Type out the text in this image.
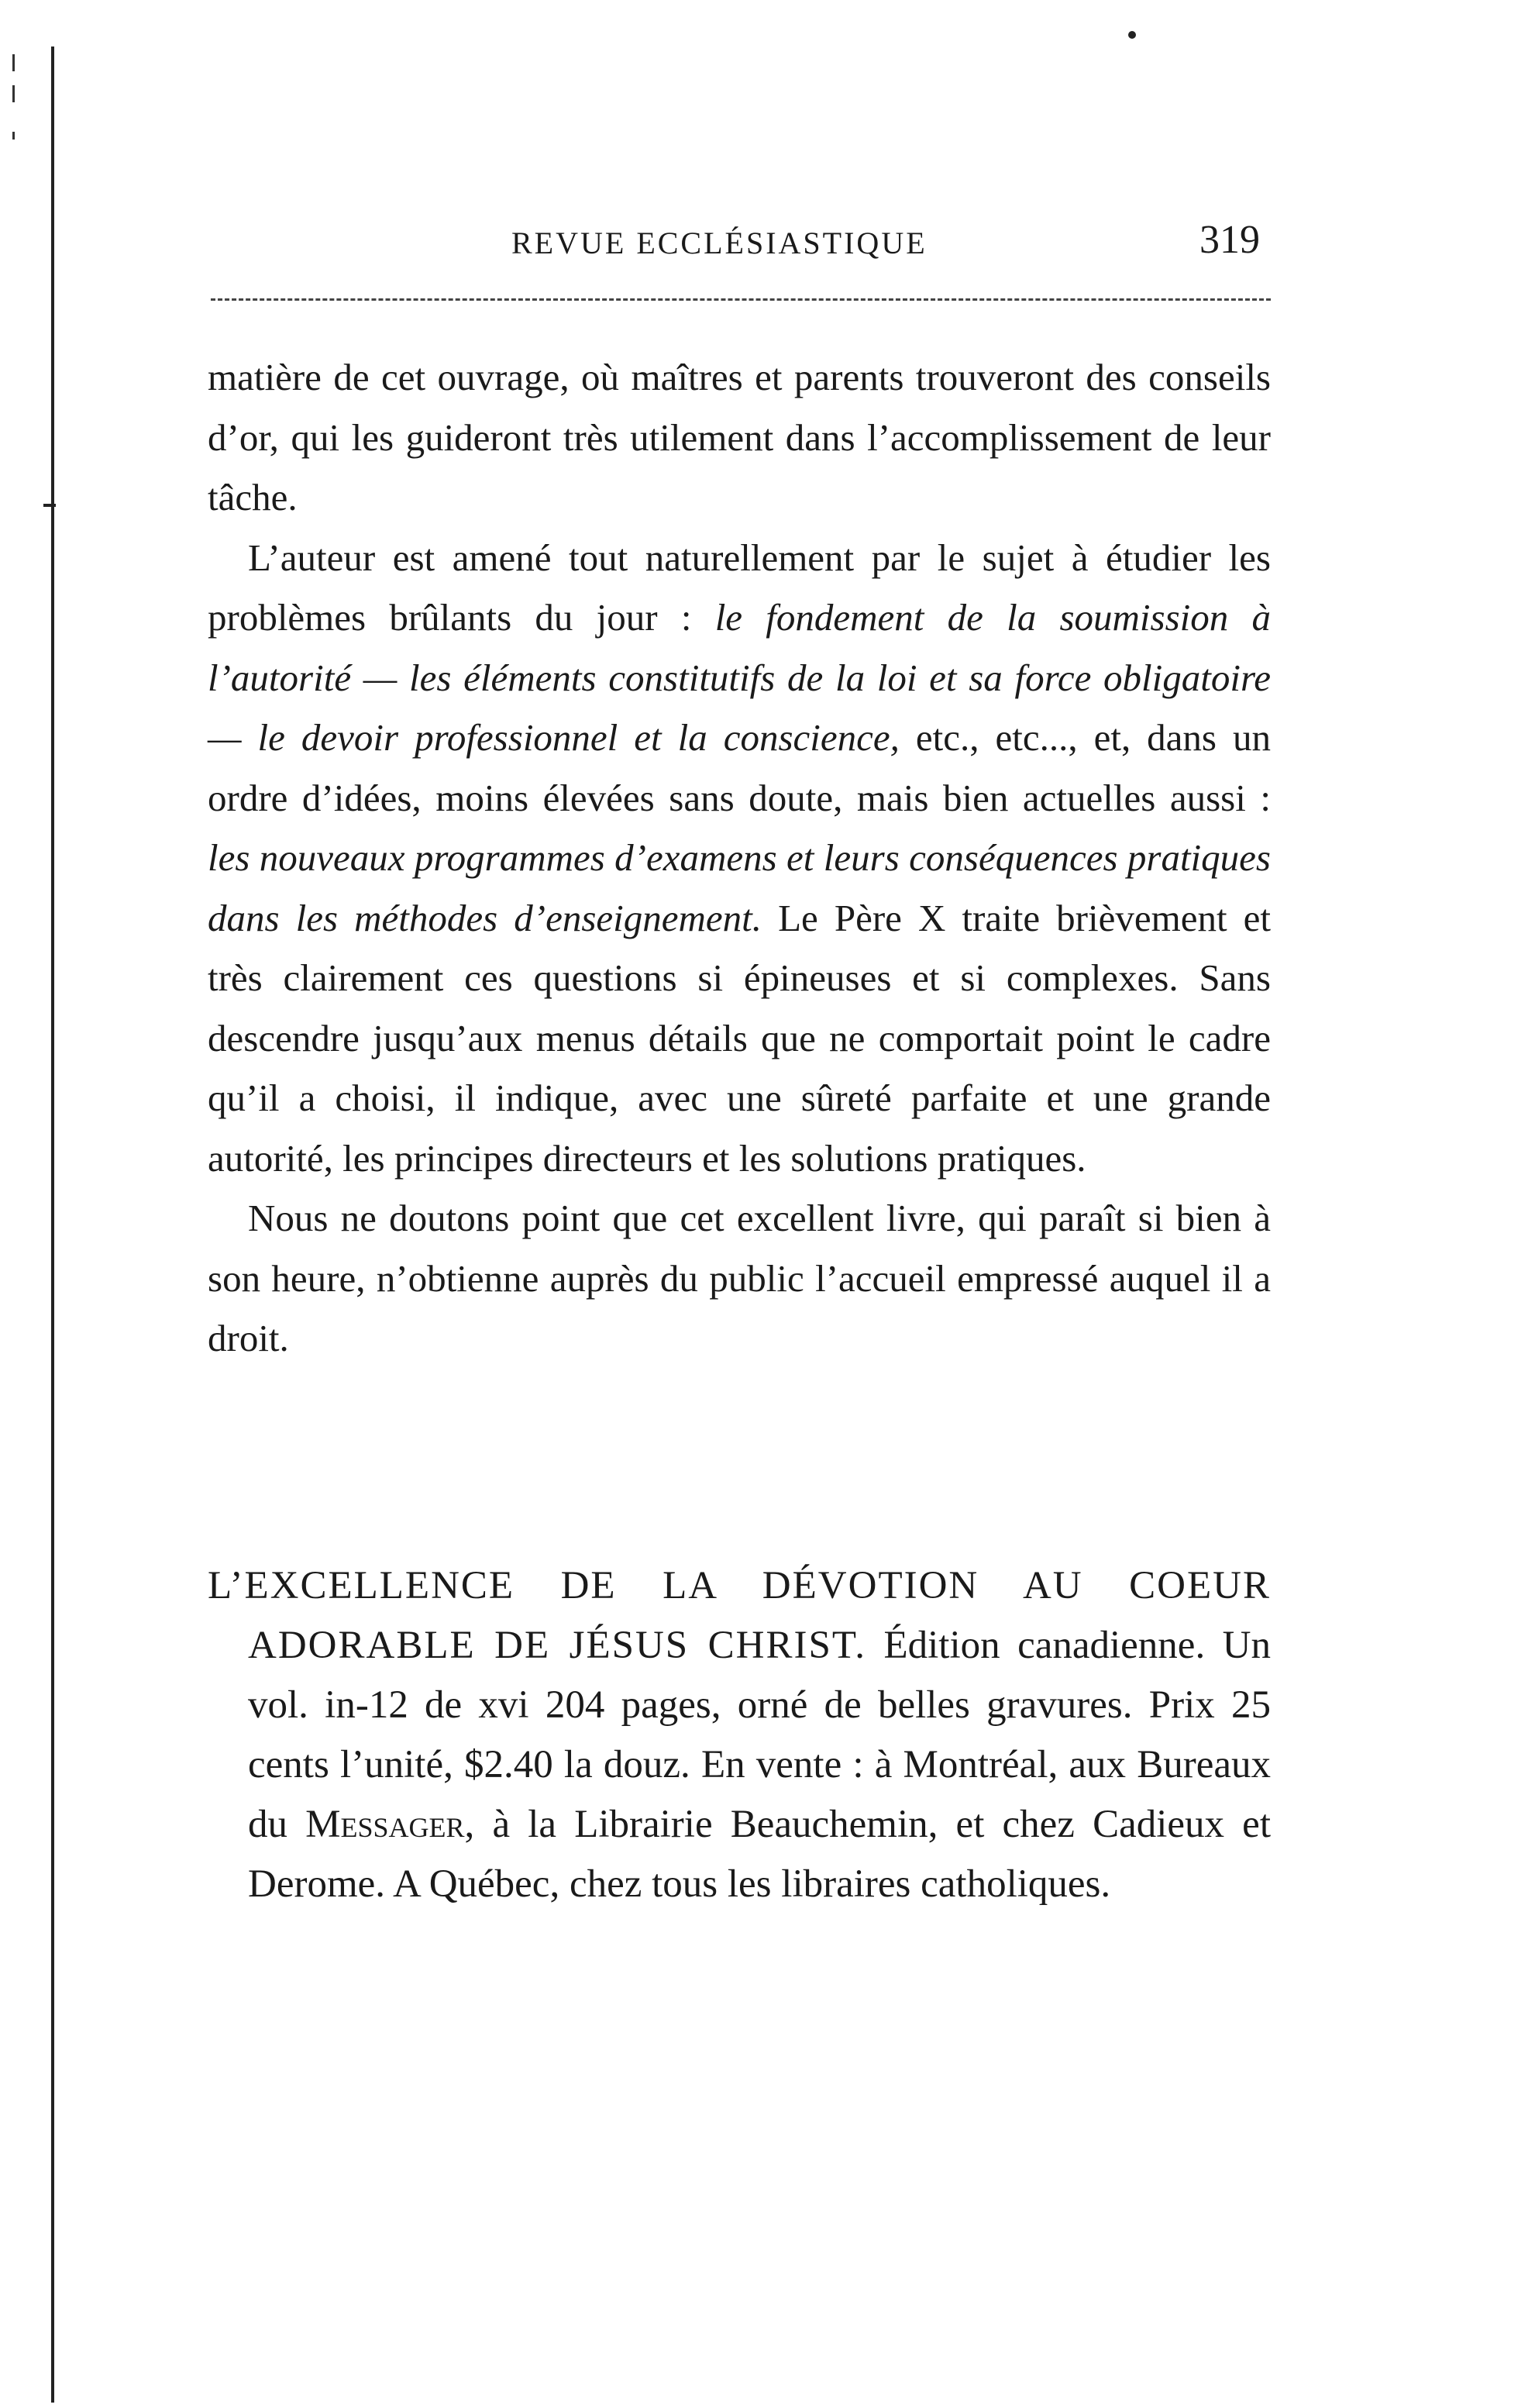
REVUE ECCLÉSIASTIQUE	319

matière de cet ouvrage, où maîtres et parents trouveront des conseils d’or, qui les guideront très utilement dans l’accomplissement de leur tâche.

L’auteur est amené tout naturellement par le sujet à étudier les problèmes brûlants du jour : le fondement de la soumission à l’autorité — les éléments constitutifs de la loi et sa force obligatoire — le devoir professionnel et la conscience, etc., etc..., et, dans un ordre d’idées, moins élevées sans doute, mais bien actuelles aussi : les nouveaux programmes d’examens et leurs conséquences pratiques dans les méthodes d’enseignement. Le Père X traite brièvement et très clairement ces questions si épineuses et si complexes. Sans descendre jusqu’aux menus détails que ne comportait point le cadre qu’il a choisi, il indique, avec une sûreté parfaite et une grande autorité, les principes directeurs et les solutions pratiques.

Nous ne doutons point que cet excellent livre, qui paraît si bien à son heure, n’obtienne auprès du public l’accueil empressé auquel il a droit.

L’EXCELLENCE DE LA DÉVOTION AU COEUR ADORABLE DE JÉSUS CHRIST. Édition canadienne. Un vol. in-12 de xvi 204 pages, orné de belles gravures. Prix 25 cents l’unité, $2.40 la douz. En vente : à Montréal, aux Bureaux du Messager, à la Librairie Beauchemin, et chez Cadieux et Derome. A Québec, chez tous les libraires catholiques.
